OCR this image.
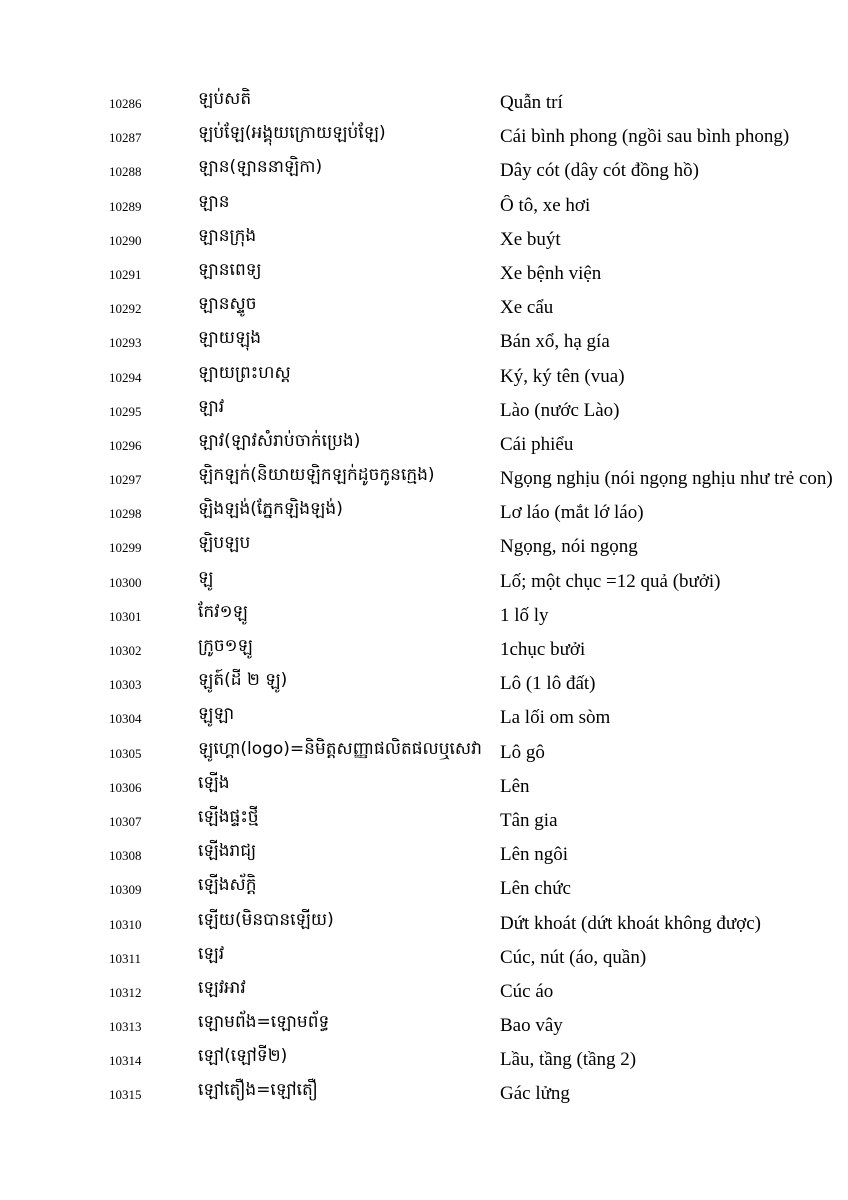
10286	ឡប់សតិ	Quẫn trí
10287	ឡប់ឡែ(អង្គុយក្រោយឡប់ឡែ)	Cái bình phong (ngồi sau bình phong)
10288	ឡាន(ឡាននាឡិកា)	Dây cót (dây cót đồng hồ)
10289	ឡាន	Ô tô, xe hơi
10290	ឡានក្រុង	Xe buýt
10291	ឡានពេទ្យ	Xe bệnh viện
10292	ឡានស្ទូច	Xe cẩu
10293	ឡាយឡុង	Bán xổ, hạ gía
10294	ឡាយព្រះហស្ត	Ký, ký tên (vua)
10295	ឡាវ	Lào (nước Lào)
10296	ឡាវ(ឡាវសំរាប់ចាក់ប្រេង)	Cái phiểu
10297	ឡិកឡក់(និយាយឡិកឡក់ដូចកូនក្មេង)	Ngọng nghịu (nói ngọng nghịu như trẻ con)
10298	ឡិងឡង់(ភ្នែកឡិងឡង់)	Lơ láo (mắt lớ láo)
10299	ឡិបឡប	Ngọng, nói ngọng
10300	ឡូ	Lố; một chục =12 quả (bưởi)
10301	កែវ១ឡូ	1 lố ly
10302	ក្រូច១ឡូ	1chục bưởi
10303	ឡូត៍(ដី ២ ឡូ)	Lô (1 lô đất)
10304	ឡូឡា	La lối om sòm
10305	ឡូហ្គោ(logo)=និមិត្តសញ្ញាផលិតផលឬសេវា Lô gô
10306	ឡើង	Lên
10307	ឡើងផ្ទះថ្មី	Tân gia
10308	ឡើងរាជ្យ	Lên ngôi
10309	ឡើងស័ក្តិ	Lên chức
10310	ឡើយ(មិនបានឡើយ)	Dứt khoát (dứt khoát không được)
10311	ឡេវ	Cúc, nút (áo, quần)
10312	ឡេវអាវ	Cúc áo
10313	ឡោមព័ង=ឡោមព័ទ្ធ	Bao vây
10314	ឡៅ(ឡៅទី២)	Lầu, tầng (tầng 2)
10315	ឡៅតឿង=ឡៅតឿ	Gác lửng
